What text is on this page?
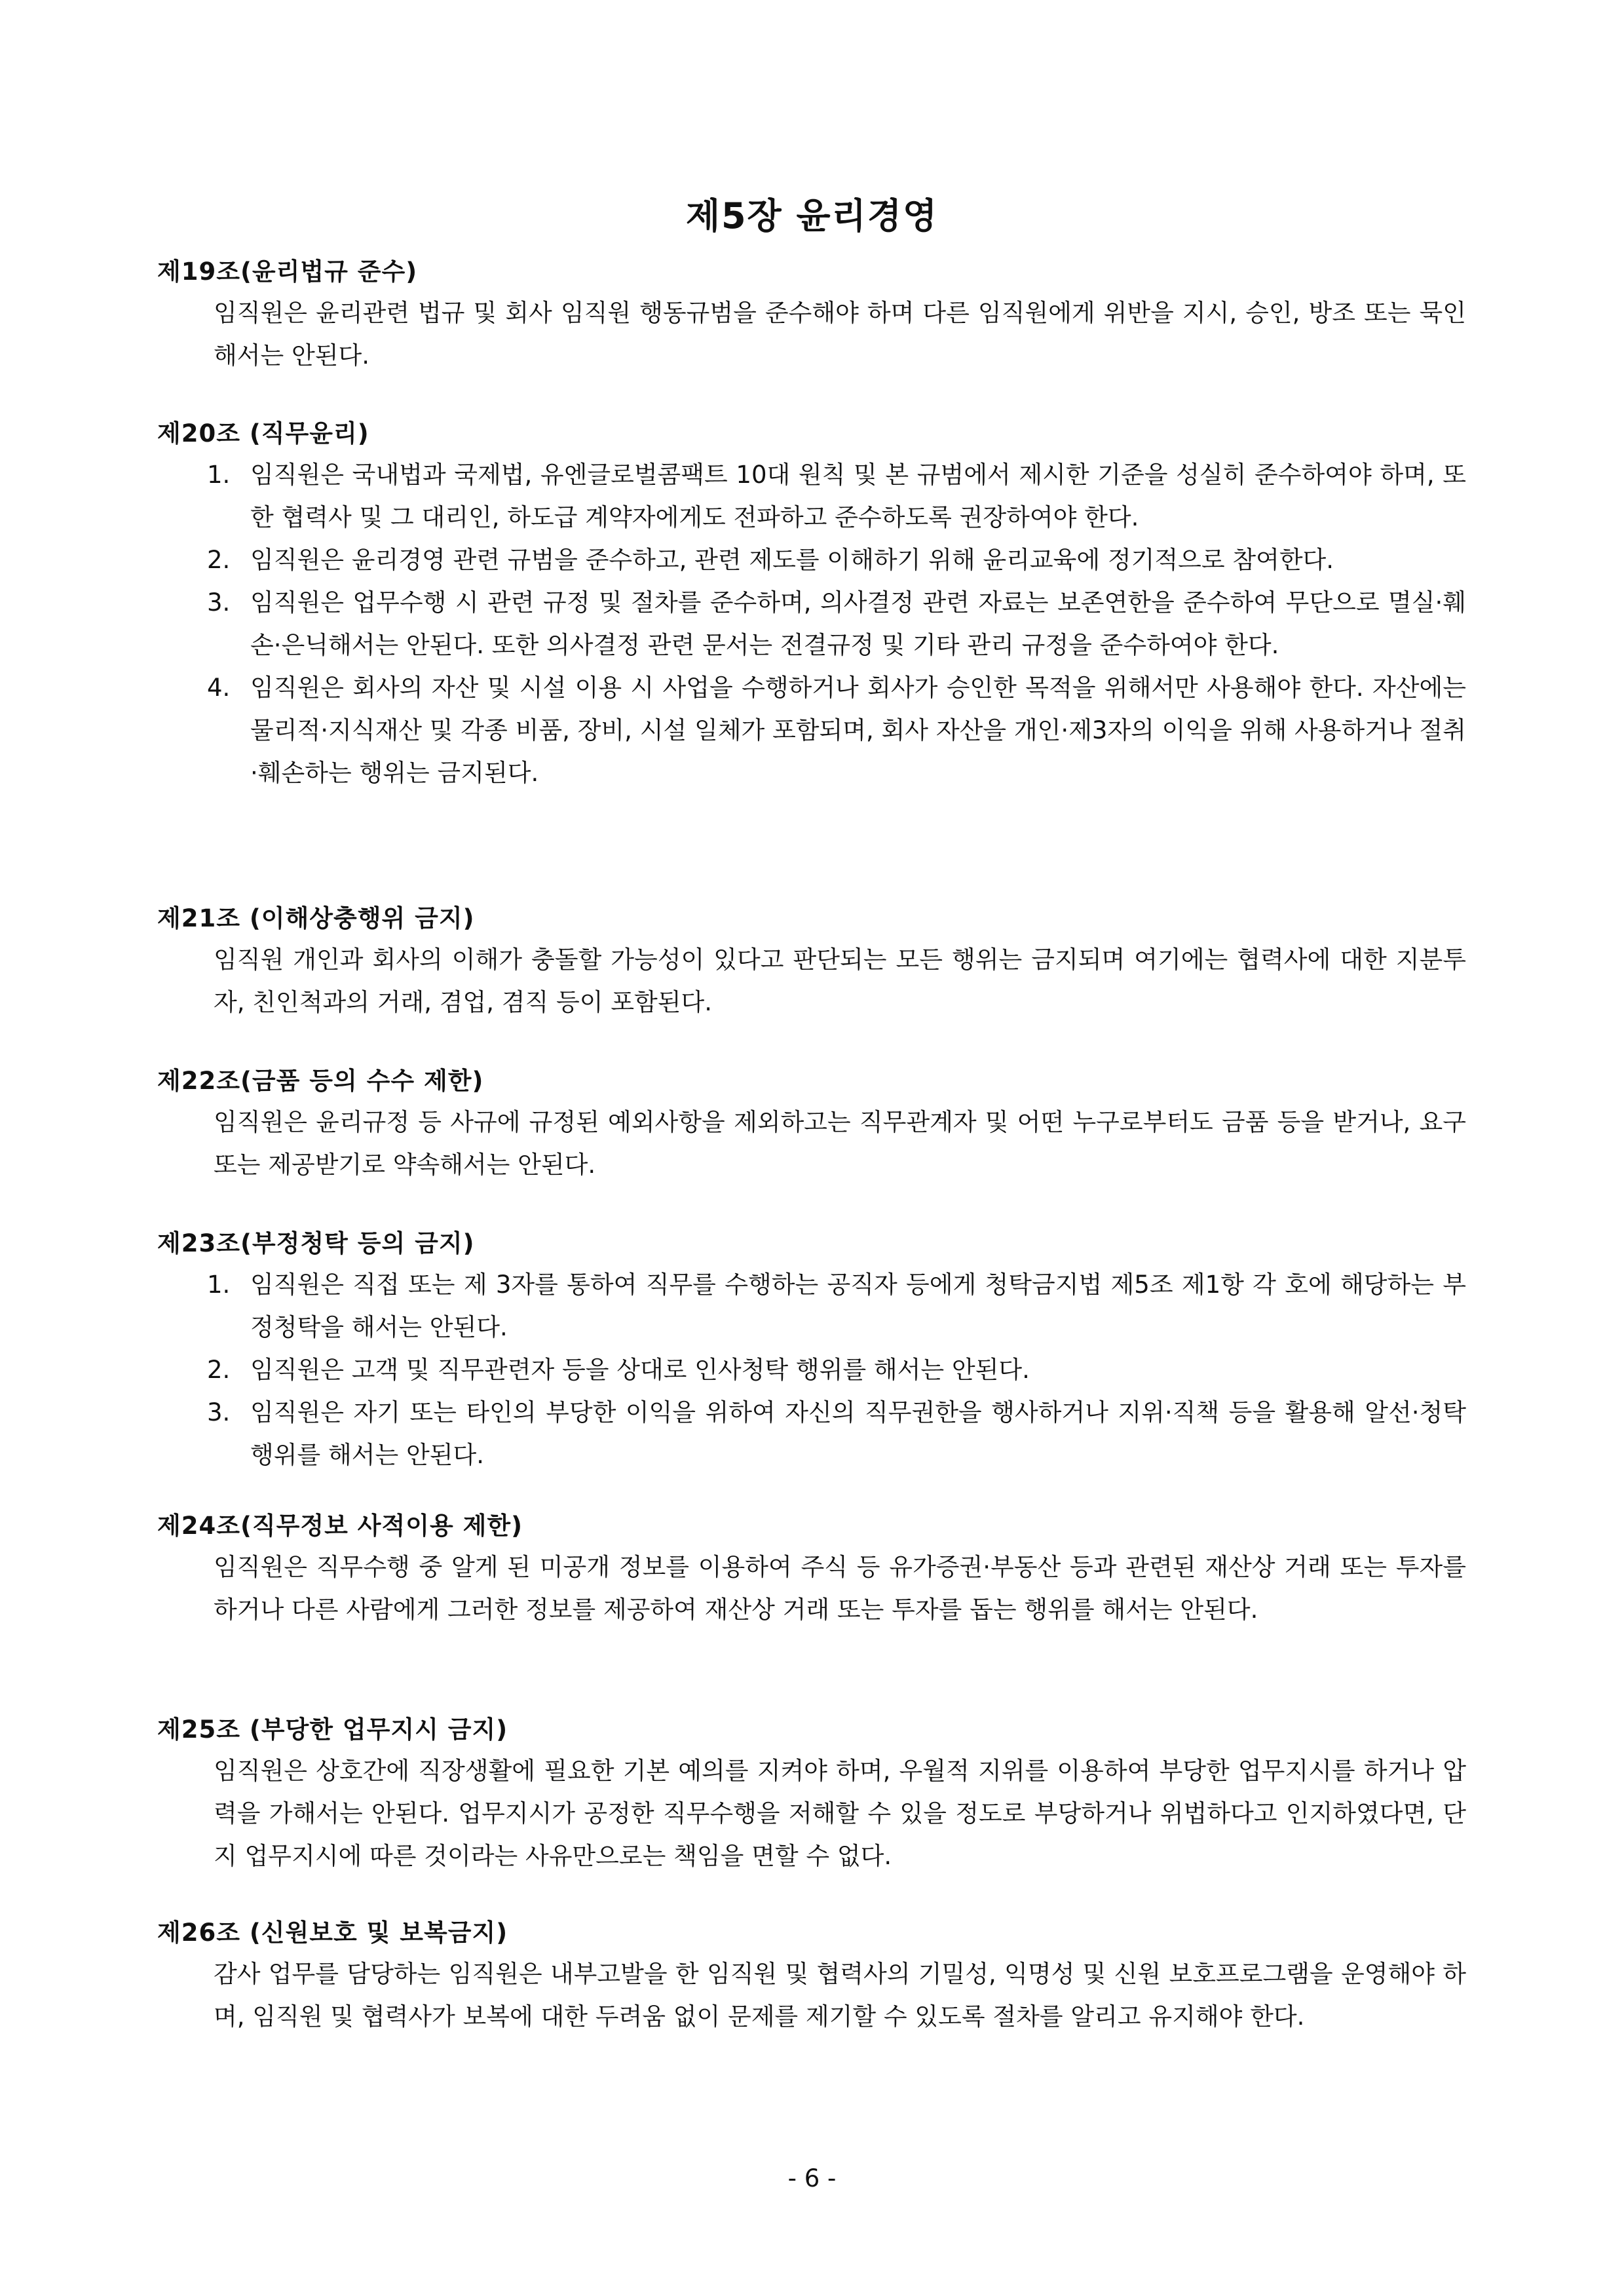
제5장 윤리경영
제19조(윤리법규 준수)
임직원은 윤리관련 법규 및 회사 임직원 행동규범을 준수해야 하며 다른 임직원에게 위반을 지시, 승인, 방조 또는 묵인해서는 안된다.
제20조 (직무윤리)
1. 임직원은 국내법과 국제법, 유엔글로벌콤팩트 10대 원칙 및 본 규범에서 제시한 기준을 성실히 준수하여야 하며, 또한 협력사 및 그 대리인, 하도급 계약자에게도 전파하고 준수하도록 권장하여야 한다.
2. 임직원은 윤리경영 관련 규범을 준수하고, 관련 제도를 이해하기 위해 윤리교육에 정기적으로 참여한다.
3. 임직원은 업무수행 시 관련 규정 및 절차를 준수하며, 의사결정 관련 자료는 보존연한을 준수하여 무단으로 멸실·훼손·은닉해서는 안된다. 또한 의사결정 관련 문서는 전결규정 및 기타 관리 규정을 준수하여야 한다.
4. 임직원은 회사의 자산 및 시설 이용 시 사업을 수행하거나 회사가 승인한 목적을 위해서만 사용해야 한다. 자산에는 물리적·지식재산 및 각종 비품, 장비, 시설 일체가 포함되며, 회사 자산을 개인·제3자의 이익을 위해 사용하거나 절취·훼손하는 행위는 금지된다.
제21조 (이해상충행위 금지)
임직원 개인과 회사의 이해가 충돌할 가능성이 있다고 판단되는 모든 행위는 금지되며 여기에는 협력사에 대한 지분투자, 친인척과의 거래, 겸업, 겸직 등이 포함된다.
제22조(금품 등의 수수 제한)
임직원은 윤리규정 등 사규에 규정된 예외사항을 제외하고는 직무관계자 및 어떤 누구로부터도 금품 등을 받거나, 요구 또는 제공받기로 약속해서는 안된다.
제23조(부정청탁 등의 금지)
1. 임직원은 직접 또는 제 3자를 통하여 직무를 수행하는 공직자 등에게 청탁금지법 제5조 제1항 각 호에 해당하는 부정청탁을 해서는 안된다.
2. 임직원은 고객 및 직무관련자 등을 상대로 인사청탁 행위를 해서는 안된다.
3. 임직원은 자기 또는 타인의 부당한 이익을 위하여 자신의 직무권한을 행사하거나 지위·직책 등을 활용해 알선·청탁 행위를 해서는 안된다.
제24조(직무정보 사적이용 제한)
임직원은 직무수행 중 알게 된 미공개 정보를 이용하여 주식 등 유가증권·부동산 등과 관련된 재산상 거래 또는 투자를 하거나 다른 사람에게 그러한 정보를 제공하여 재산상 거래 또는 투자를 돕는 행위를 해서는 안된다.
제25조 (부당한 업무지시 금지)
임직원은 상호간에 직장생활에 필요한 기본 예의를 지켜야 하며, 우월적 지위를 이용하여 부당한 업무지시를 하거나 압력을 가해서는 안된다. 업무지시가 공정한 직무수행을 저해할 수 있을 정도로 부당하거나 위법하다고 인지하였다면, 단지 업무지시에 따른 것이라는 사유만으로는 책임을 면할 수 없다.
제26조 (신원보호 및 보복금지)
감사 업무를 담당하는 임직원은 내부고발을 한 임직원 및 협력사의 기밀성, 익명성 및 신원 보호프로그램을 운영해야 하며, 임직원 및 협력사가 보복에 대한 두려움 없이 문제를 제기할 수 있도록 절차를 알리고 유지해야 한다.
- 6 -
